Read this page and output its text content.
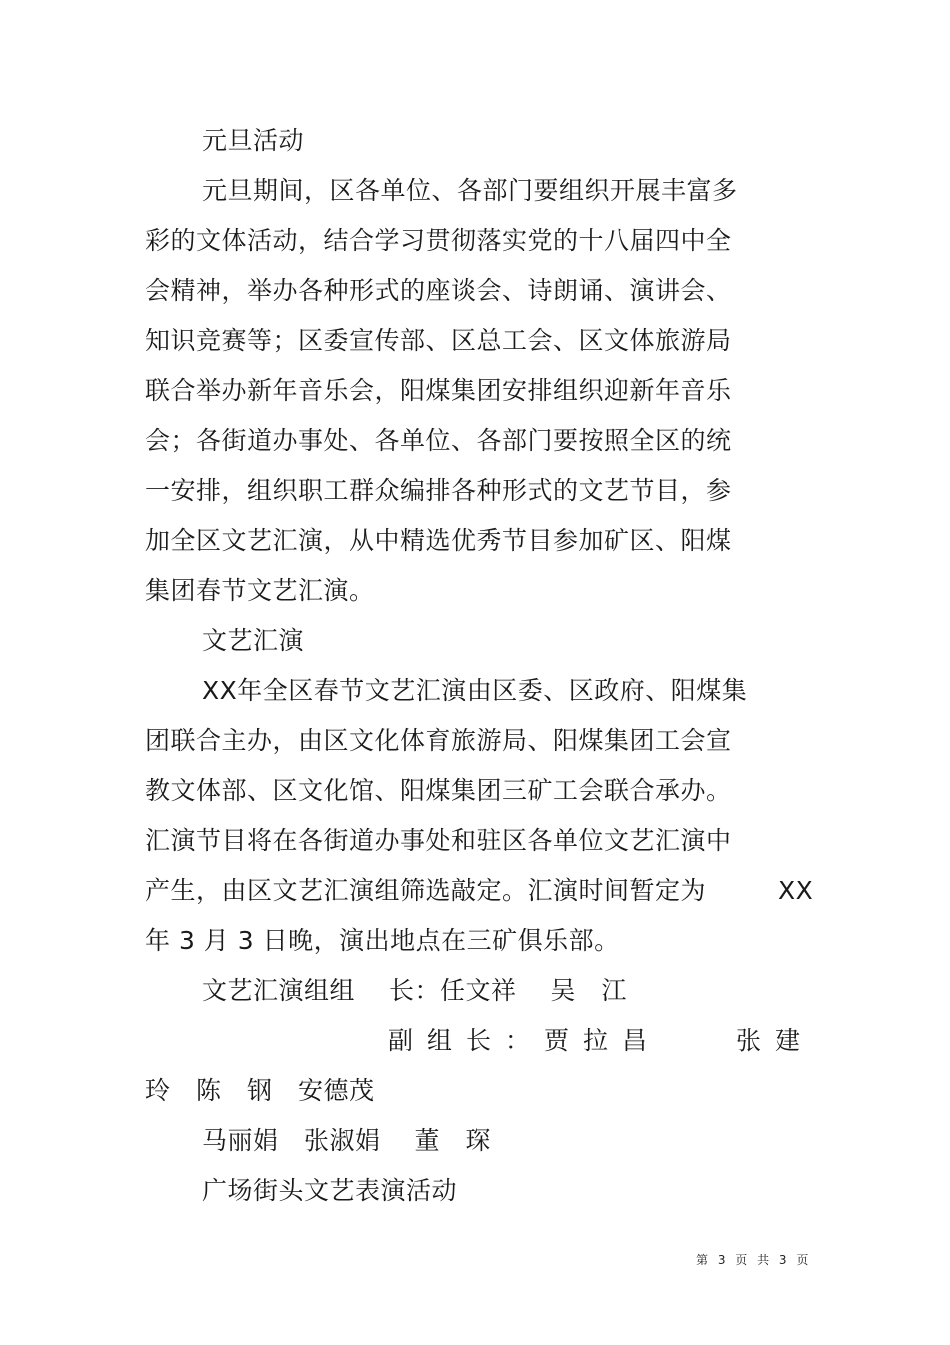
元旦活动
元旦期间，区各单位、各部门要组织开展丰富多
彩的文体活动，结合学习贯彻落实党的十八届四中全
会精神，举办各种形式的座谈会、诗朗诵、演讲会、
知识竞赛等；区委宣传部、区总工会、区文体旅游局
联合举办新年音乐会，阳煤集团安排组织迎新年音乐
会；各街道办事处、各单位、各部门要按照全区的统
一安排，组织职工群众编排各种形式的文艺节目，参
加全区文艺汇演，从中精选优秀节目参加矿区、阳煤
集团春节文艺汇演。
文艺汇演
XX年全区春节文艺汇演由区委、区政府、阳煤集
团联合主办，由区文化体育旅游局、阳煤集团工会宣
教文体部、区文化馆、阳煤集团三矿工会联合承办。
汇演节目将在各街道办事处和驻区各单位文艺汇演中
产生，由区文艺汇演组筛选敲定。汇演时间暂定为	XX
年 3 月 3 日晚，演出地点在三矿俱乐部。
文艺汇演组组　 长：任文祥　 吴　江
副组长：贾拉昌	张建
玲　陈　钢　安德茂
马丽娟　张淑娟　 董　琛
广场街头文艺表演活动
第 3 页 共 3 页
